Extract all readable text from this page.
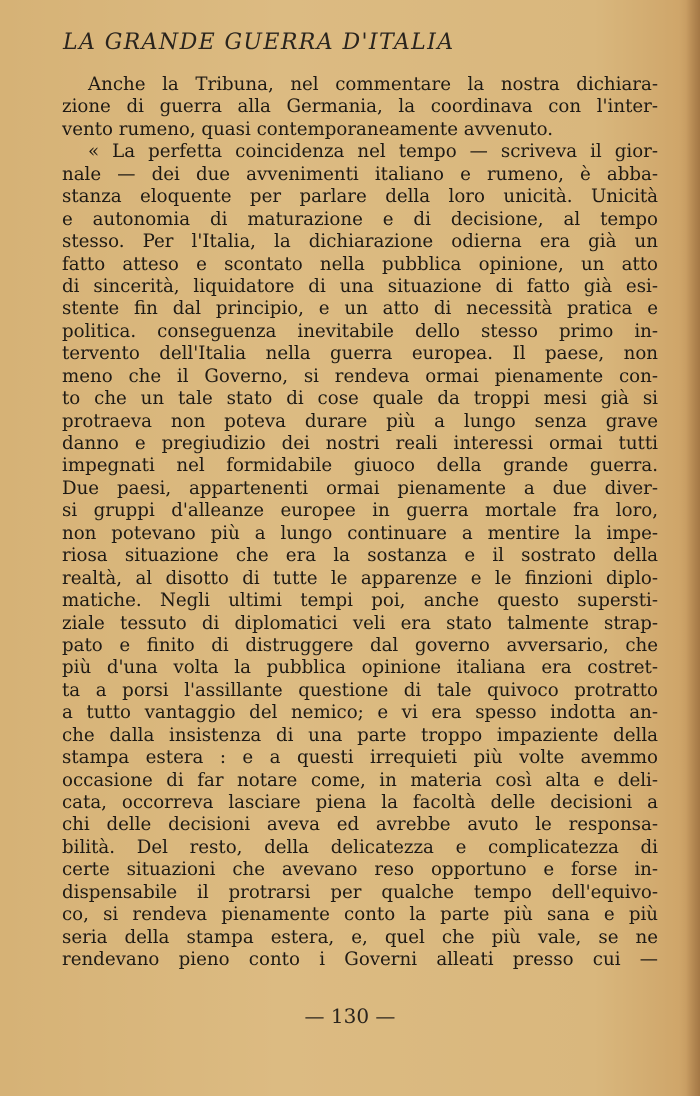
LA GRANDE GUERRA D'ITALIA
Anche la Tribuna, nel commentare la nostra dichiara-
zione di guerra alla Germania, la coordinava con l'inter-
vento rumeno, quasi contemporaneamente avvenuto.
« La perfetta coincidenza nel tempo — scriveva il gior-
nale — dei due avvenimenti italiano e rumeno, è abba-
stanza eloquente per parlare della loro unicità. Unicità
e autonomia di maturazione e di decisione, al tempo
stesso. Per l'Italia, la dichiarazione odierna era già un
fatto atteso e scontato nella pubblica opinione, un atto
di sincerità, liquidatore di una situazione di fatto già esi-
stente fin dal principio, e un atto di necessità pratica e
politica. conseguenza inevitabile dello stesso primo in-
tervento dell'Italia nella guerra europea. Il paese, non
meno che il Governo, si rendeva ormai pienamente con-
to che un tale stato di cose quale da troppi mesi già si
protraeva non poteva durare più a lungo senza grave
danno e pregiudizio dei nostri reali interessi ormai tutti
impegnati nel formidabile giuoco della grande guerra.
Due paesi, appartenenti ormai pienamente a due diver-
si gruppi d'alleanze europee in guerra mortale fra loro,
non potevano più a lungo continuare a mentire la impe-
riosa situazione che era la sostanza e il sostrato della
realtà, al disotto di tutte le apparenze e le finzioni diplo-
matiche. Negli ultimi tempi poi, anche questo supersti-
ziale tessuto di diplomatici veli era stato talmente strap-
pato e finito di distruggere dal governo avversario, che
più d'una volta la pubblica opinione italiana era costret-
ta a porsi l'assillante questione di tale quivoco protratto
a tutto vantaggio del nemico; e vi era spesso indotta an-
che dalla insistenza di una parte troppo impaziente della
stampa estera : e a questi irrequieti più volte avemmo
occasione di far notare come, in materia così alta e deli-
cata, occorreva lasciare piena la facoltà delle decisioni a
chi delle decisioni aveva ed avrebbe avuto le responsa-
bilità. Del resto, della delicatezza e complicatezza di
certe situazioni che avevano reso opportuno e forse in-
dispensabile il protrarsi per qualche tempo dell'equivo-
co, si rendeva pienamente conto la parte più sana e più
seria della stampa estera, e, quel che più vale, se ne
rendevano pieno conto i Governi alleati presso cui —
— 130 —
